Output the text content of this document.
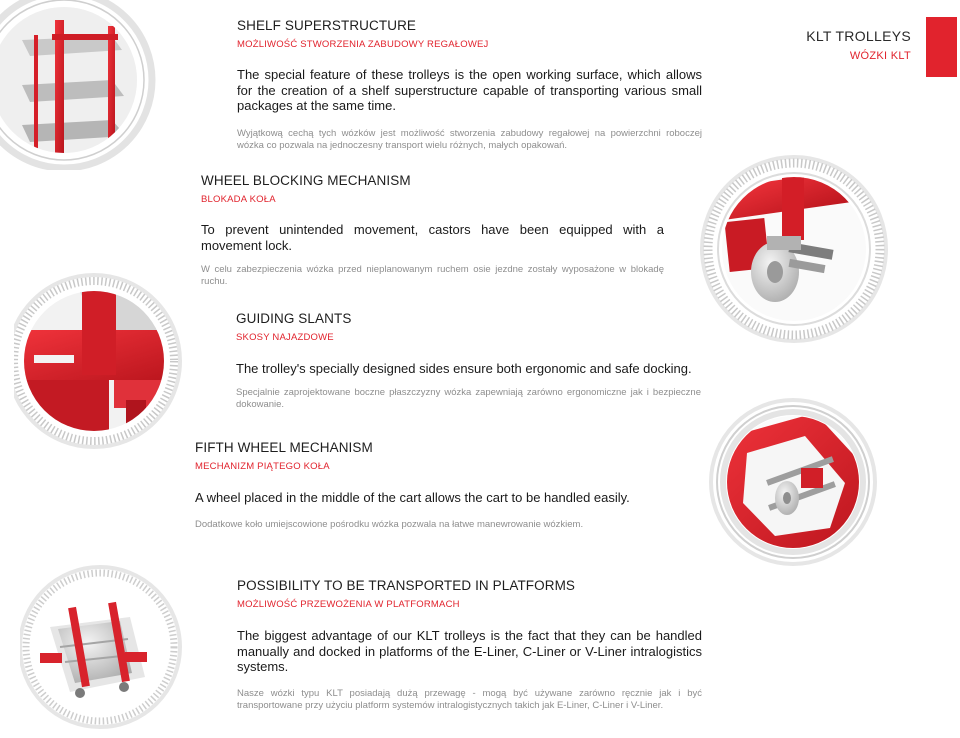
KLT TROLLEYS
WÓZKI KLT
SHELF SUPERSTRUCTURE
MOŻLIWOŚĆ STWORZENIA ZABUDOWY REGAŁOWEJ
The special feature of these trolleys is the open working surface, which allows for the creation of a shelf superstructure capable of transporting various small packages at the same time.
Wyjątkową cechą tych wózków jest możliwość stworzenia zabudowy regałowej na powierzchni roboczej wózka co pozwala na jednoczesny transport wielu różnych, małych opakowań.
WHEEL BLOCKING MECHANISM
BLOKADA KOŁA
To prevent unintended movement, castors have been equipped with a movement lock.
W celu zabezpieczenia wózka przed nieplanowanym ruchem osie jezdne zostały wyposażone w blokadę ruchu.
GUIDING SLANTS
SKOSY NAJAZDOWE
The trolley's specially designed sides ensure both ergonomic and safe docking.
Specjalnie zaprojektowane boczne płaszczyzny wózka zapewniają zarówno ergonomiczne jak i bezpieczne dokowanie.
FIFTH WHEEL MECHANISM
MECHANIZM PIĄTEGO KOŁA
A wheel placed in the middle of the cart allows the cart to be handled easily.
Dodatkowe koło umiejscowione pośrodku wózka pozwala na łatwe manewrowanie wózkiem.
POSSIBILITY TO BE TRANSPORTED IN PLATFORMS
MOŻLIWOŚĆ PRZEWOŻENIA W PLATFORMACH
The biggest advantage of our KLT trolleys is the fact that they can be handled manually and docked in platforms of the E-Liner, C-Liner or V-Liner intralogistics systems.
Nasze wózki typu KLT posiadają dużą przewagę - mogą być używane zarówno ręcznie jak i być transportowane przy użyciu platform systemów intralogistycznych takich jak E-Liner, C-Liner i V-Liner.
